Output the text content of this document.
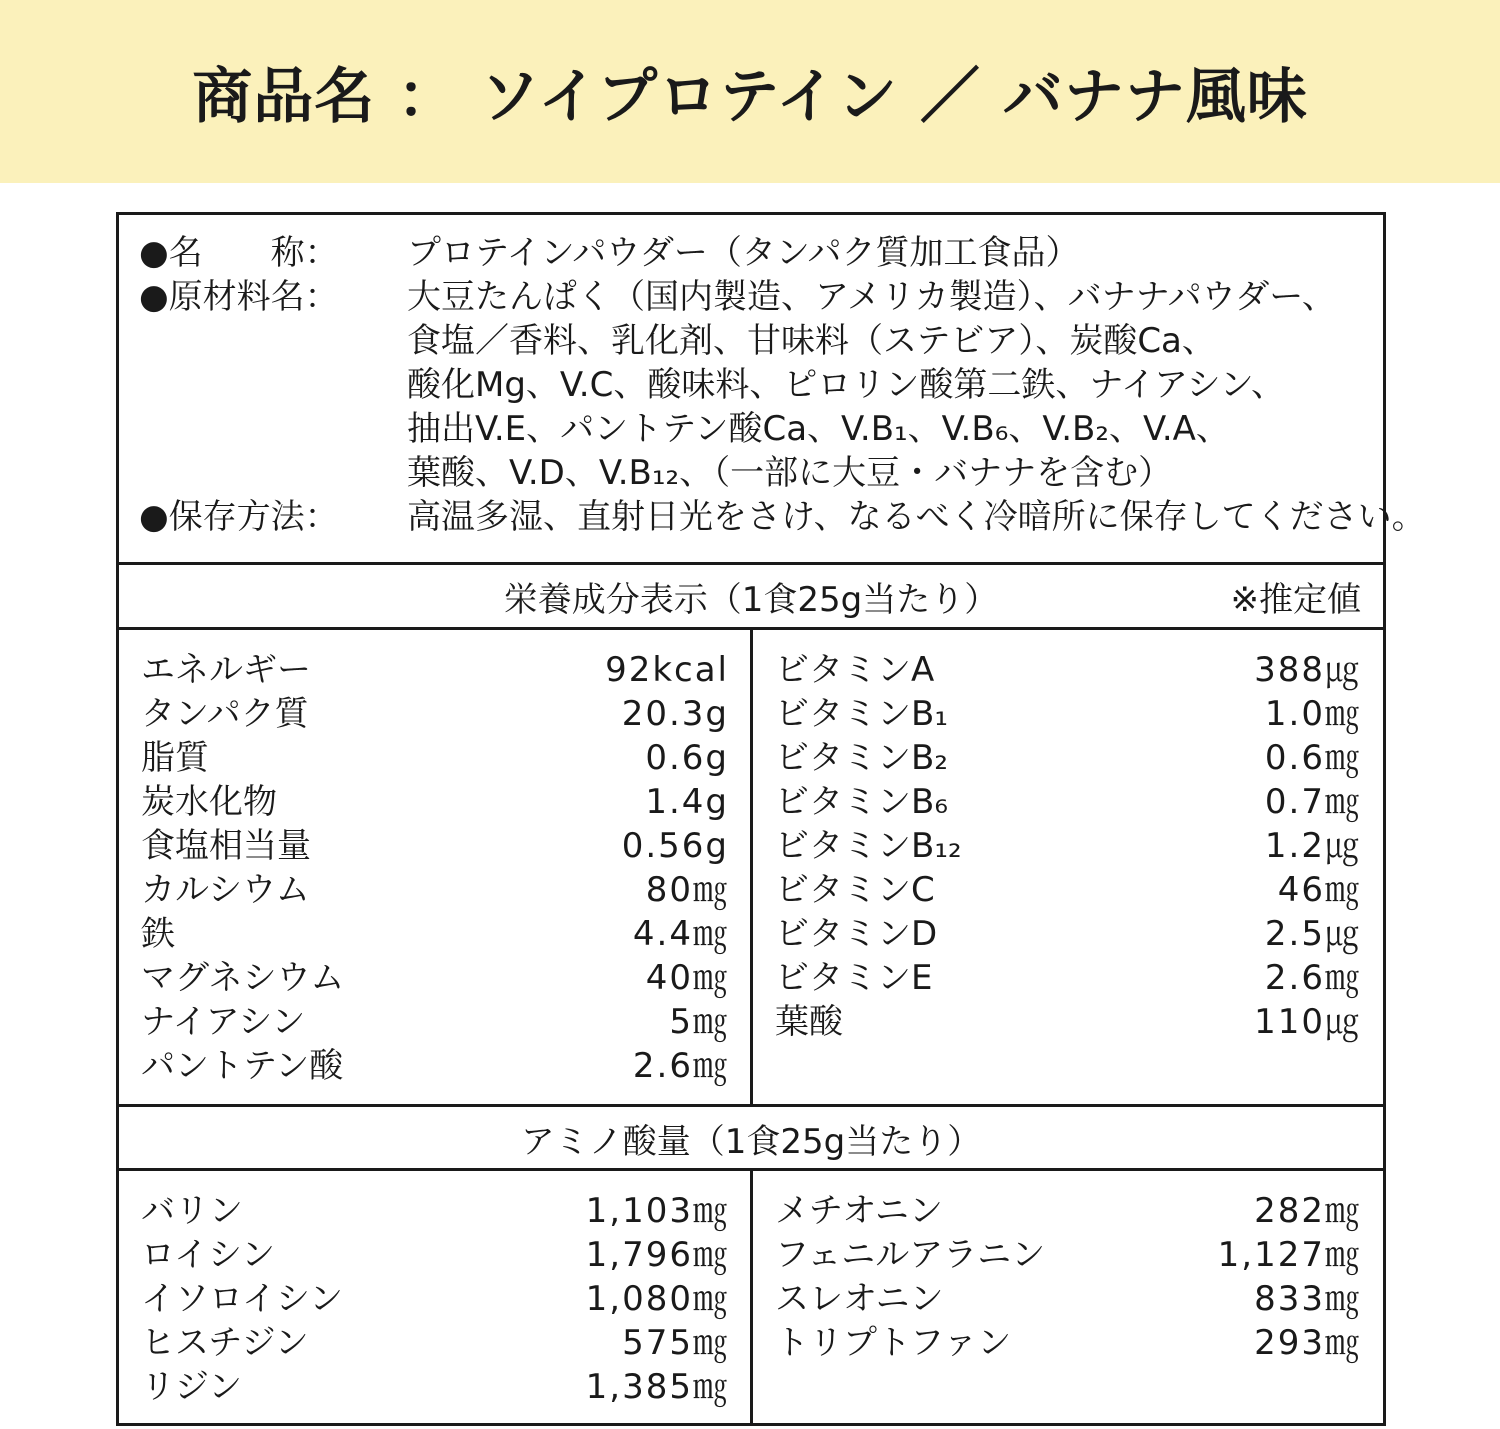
商品名 ： ソイプロテイン ／ バナナ風味
●名　　称：	プロテインパウダー（タンパク質加工食品）
●原材料名：	大豆たんぱく（国内製造、アメリカ製造）、バナナパウダー、
食塩／香料、乳化剤、甘味料（ステビア）、炭酸Ca、
酸化Mg、V.C、酸味料、ピロリン酸第二鉄、ナイアシン、
抽出V.E、パントテン酸Ca、V.B₁、V.B₆、V.B₂、V.A、
葉酸、V.D、V.B₁₂、（一部に大豆・バナナを含む）
●保存方法：	高温多湿、直射日光をさけ、なるべく冷暗所に保存してください。
栄養成分表示（1食25g当たり）	※推定値
エネルギー	92kcal
タンパク質	20.3g
脂質	0.6g
炭水化物	1.4g
食塩相当量	0.56g
カルシウム	80㎎
鉄	4.4㎎
マグネシウム	40㎎
ナイアシン	5㎎
パントテン酸	2.6㎎
ビタミンA	388㎍
ビタミンB₁	1.0㎎
ビタミンB₂	0.6㎎
ビタミンB₆	0.7㎎
ビタミンB₁₂	1.2㎍
ビタミンC	46㎎
ビタミンD	2.5㎍
ビタミンE	2.6㎎
葉酸	110㎍
アミノ酸量（1食25g当たり）
バリン	1,103㎎
ロイシン	1,796㎎
イソロイシン	1,080㎎
ヒスチジン	575㎎
リジン	1,385㎎
メチオニン	282㎎
フェニルアラニン	1,127㎎
スレオニン	833㎎
トリプトファン	293㎎
